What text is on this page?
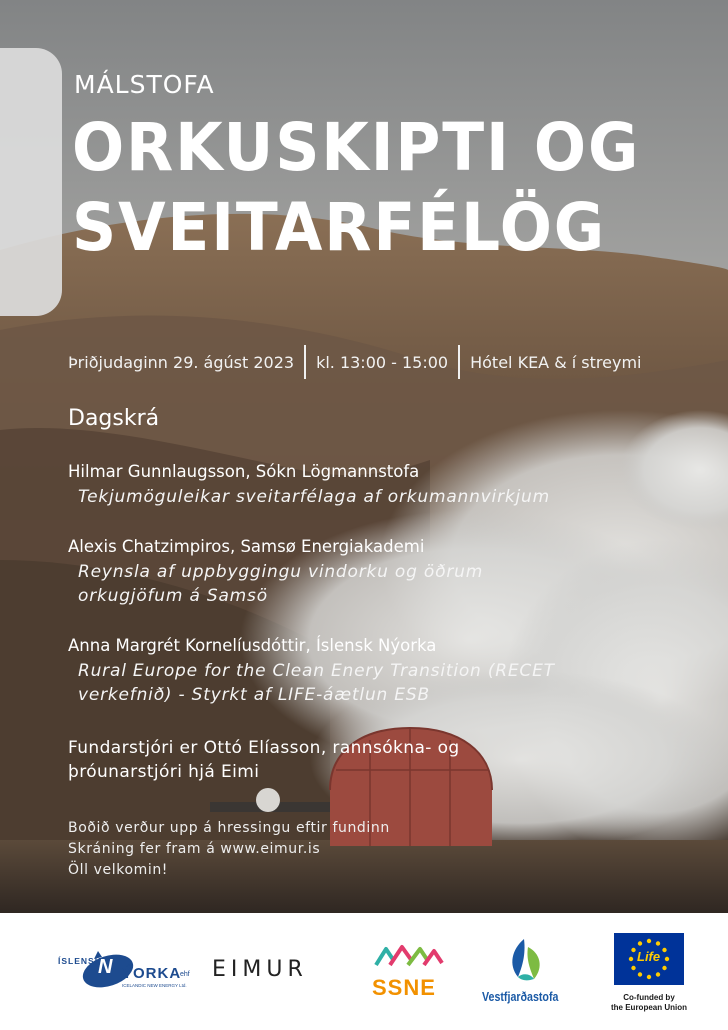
MÁLSTOFA
ORKUSKIPTI OG
SVEITARFÉLÖG
Þriðjudaginn 29. ágúst 2023 kl. 13:00 - 15:00 Hótel KEA & í streymi
Dagskrá
Hilmar Gunnlaugsson, Sókn Lögmannstofa
Tekjumöguleikar sveitarfélaga af orkumannvirkjum
Alexis Chatzimpiros, Samsø Energiakademi
Reynsla af uppbyggingu vindorku og öðrum
orkugjöfum á Samsö
Anna Margrét Kornelíusdóttir, Íslensk Nýorka
Rural Europe for the Clean Enery Transition (RECET
verkefnið) - Styrkt af LIFE-áætlun ESB
Fundarstjóri er Ottó Elíasson, rannsókna- og
þróunarstjóri hjá Eimi
Boðið verður upp á hressingu eftir fundinn
Skráning fer fram á www.eimur.is
Öll velkomin!
ÍSLENSK
N ÝORKA
ehf
ICELANDIC NEW ENERGY Ltd.
EIMUR
SSNE	Vestfjarðastofa
Life
Co-funded by
the European Union
